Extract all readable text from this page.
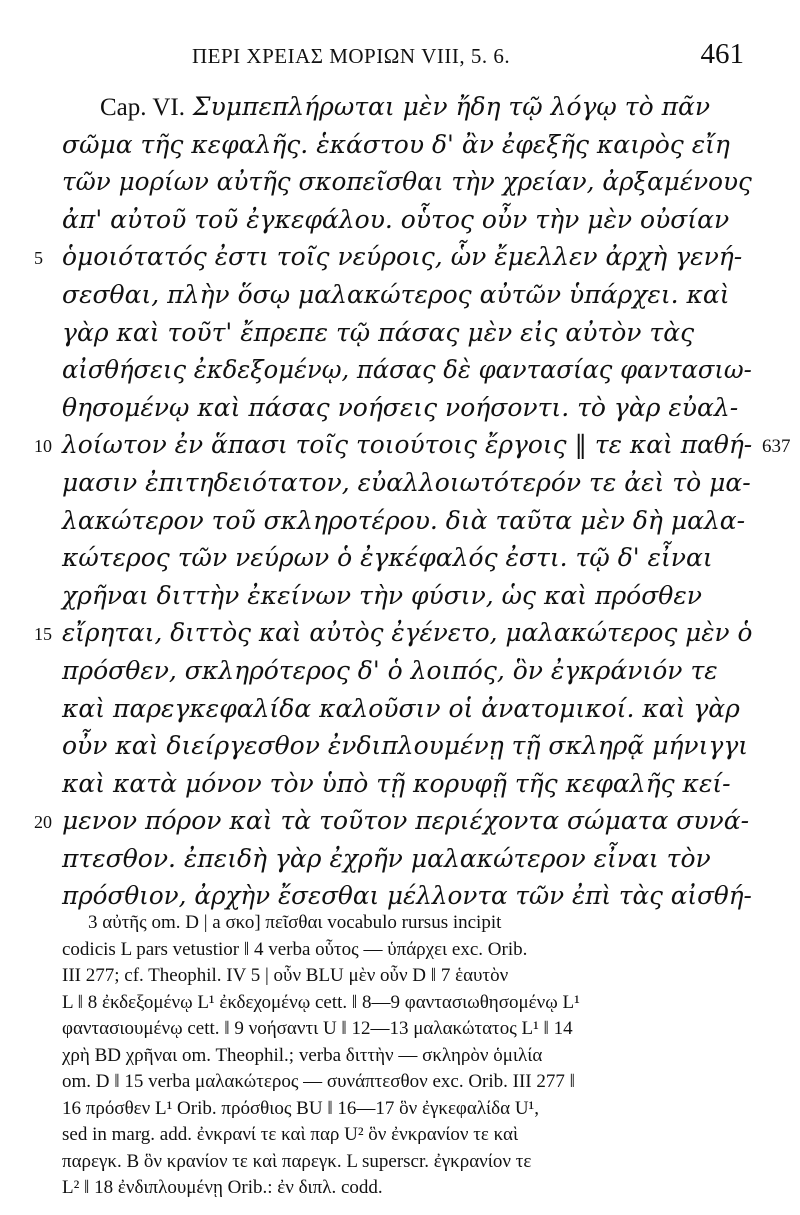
ΠΕΡΙ ΧΡΕΙΑΣ ΜΟΡΙΩΝ VIII, 5. 6.	461
Cap. VI. Συμπεπλήρωται μὲν ἤδη τῷ λόγῳ τὸ πᾶν
σῶμα τῆς κεφαλῆς. ἑκάστου δ' ἂν ἐφεξῆς καιρὸς εἴη
τῶν μορίων αὐτῆς σκοπεῖσθαι τὴν χρείαν, ἀρξαμένους
ἀπ' αὐτοῦ τοῦ ἐγκεφάλου. οὗτος οὖν τὴν μὲν οὐσίαν
5 ὁμοιότατός ἐστι τοῖς νεύροις, ὧν ἔμελλεν ἀρχὴ γενή-
σεσθαι, πλὴν ὅσῳ μαλακώτερος αὐτῶν ὑπάρχει. καὶ
γὰρ καὶ τοῦτ' ἔπρεπε τῷ πάσας μὲν εἰς αὐτὸν τὰς
αἰσθήσεις ἐκδεξομένῳ, πάσας δὲ φαντασίας φαντασιω-
θησομένῳ καὶ πάσας νοήσεις νοήσοντι. τὸ γὰρ εὐαλ-
10 λοίωτον ἐν ἅπασι τοῖς τοιούτοις ἔργοις ‖ τε καὶ παθή- 637
μασιν ἐπιτηδειότατον, εὐαλλοιωτότερόν τε ἀεὶ τὸ μα-
λακώτερον τοῦ σκληροτέρου. διὰ ταῦτα μὲν δὴ μαλα-
κώτερος τῶν νεύρων ὁ ἐγκέφαλός ἐστι. τῷ δ' εἶναι
χρῆναι διττὴν ἐκείνων τὴν φύσιν, ὡς καὶ πρόσθεν
15 εἴρηται, διττὸς καὶ αὐτὸς ἐγένετο, μαλακώτερος μὲν ὁ
πρόσθεν, σκληρότερος δ' ὁ λοιπός, ὃν ἐγκράνιόν τε
καὶ παρεγκεφαλίδα καλοῦσιν οἱ ἀνατομικοί. καὶ γὰρ
οὖν καὶ διείργεσθον ἐνδιπλουμένῃ τῇ σκληρᾷ μήνιγγι
καὶ κατὰ μόνον τὸν ὑπὸ τῇ κορυφῇ τῆς κεφαλῆς κεί-
20 μενον πόρον καὶ τὰ τοῦτον περιέχοντα σώματα συνά-
πτεσθον. ἐπειδὴ γὰρ ἐχρῆν μαλακώτερον εἶναι τὸν
πρόσθιον, ἀρχὴν ἔσεσθαι μέλλοντα τῶν ἐπὶ τὰς αἰσθή-
3 αὐτῆς om. D | a σκο] πεῖσθαι vocabulo rursus incipit
codicis L pars vetustior ‖ 4 verba οὗτος — ὑπάρχει exc. Orib.
III 277; cf. Theophil. IV 5 | οὖν BLU μὲν οὖν D ‖ 7 ἑαυτὸν
L ‖ 8 ἐκδεξομένῳ L¹ ἐκδεχομένῳ cett. ‖ 8—9 φαντασιωθησομένῳ L¹
φαντασιουμένῳ cett. ‖ 9 νοήσαντι U ‖ 12—13 μαλακώτατος L¹ ‖ 14
χρὴ BD χρῆναι om. Theophil.; verba διττὴν — σκληρὸν ὁμιλία
om. D ‖ 15 verba μαλακώτερος — συνάπτεσθον exc. Orib. III 277 ‖
16 πρόσθεν L¹ Orib. πρόσθιος BU ‖ 16—17 ὃν ἐγκεφαλίδα U¹,
sed in marg. add. ἐνκρανί τε καὶ παρ U² ὃν ἐνκρανίον τε καὶ
παρεγκ. B ὃν κρανίον τε καὶ παρεγκ. L superscr. ἐγκρανίον τε
L² ‖ 18 ἐνδιπλουμένῃ Orib.: ἐν διπλ. codd.
